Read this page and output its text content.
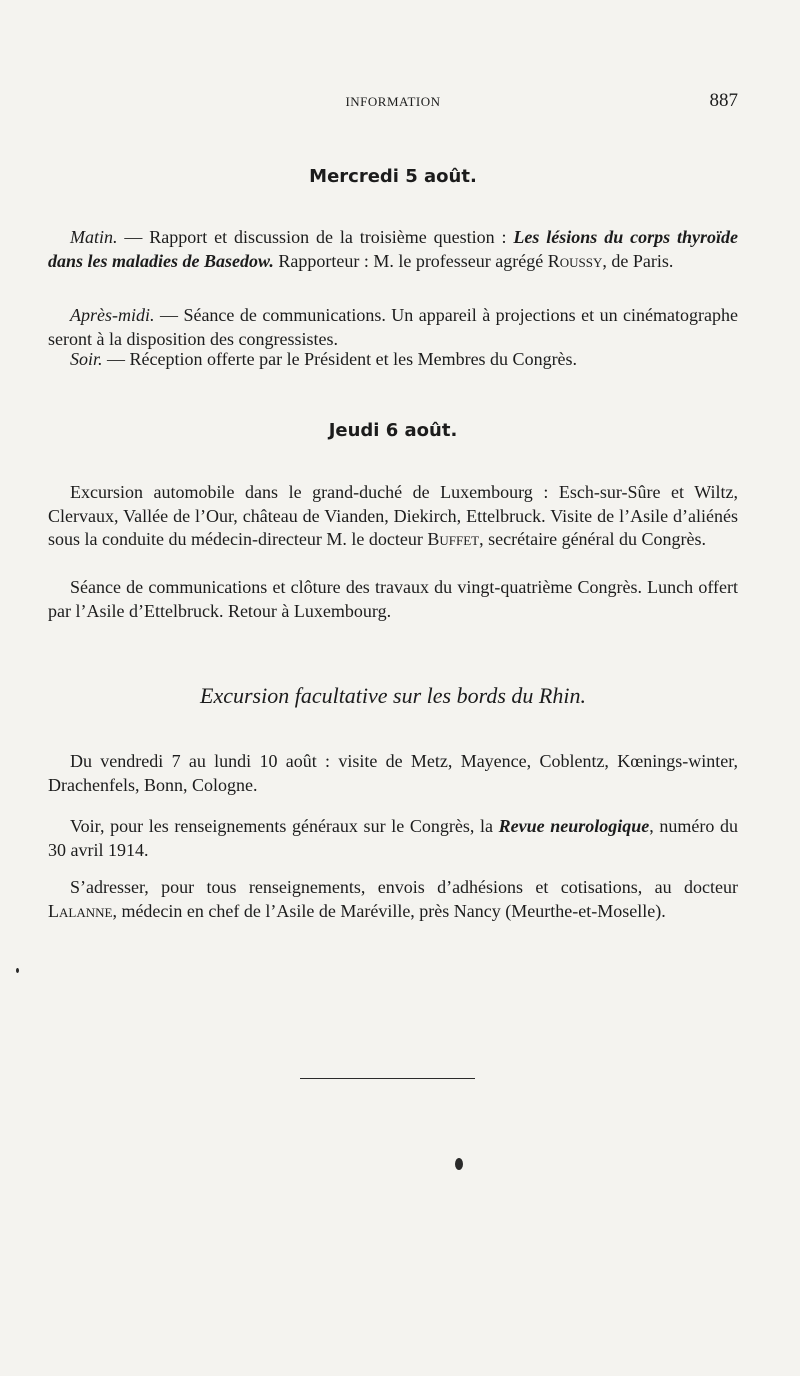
INFORMATION	887
Mercredi 5 août.

Matin. — Rapport et discussion de la troisième question : Les lésions du corps thyroïde dans les maladies de Basedow. Rapporteur : M. le professeur agrégé Roussy, de Paris.

Après-midi. — Séance de communications. Un appareil à projections et un cinématographe seront à la disposition des congressistes.

Soir. — Réception offerte par le Président et les Membres du Congrès.

Jeudi 6 août.

Excursion automobile dans le grand-duché de Luxembourg : Esch-sur-Sûre et Wiltz, Clervaux, Vallée de l’Our, château de Vianden, Diekirch, Ettelbruck. Visite de l’Asile d’aliénés sous la conduite du médecin-directeur M. le docteur Buffet, secrétaire général du Congrès.

Séance de communications et clôture des travaux du vingt-quatrième Congrès. Lunch offert par l’Asile d’Ettelbruck. Retour à Luxembourg.

Excursion facultative sur les bords du Rhin.

Du vendredi 7 au lundi 10 août : visite de Metz, Mayence, Coblentz, Kœnings-winter, Drachenfels, Bonn, Cologne.

Voir, pour les renseignements généraux sur le Congrès, la Revue neurologique, numéro du 30 avril 1914.

S’adresser, pour tous renseignements, envois d’adhésions et cotisations, au docteur Lalanne, médecin en chef de l’Asile de Maréville, près Nancy (Meurthe-et-Moselle).
